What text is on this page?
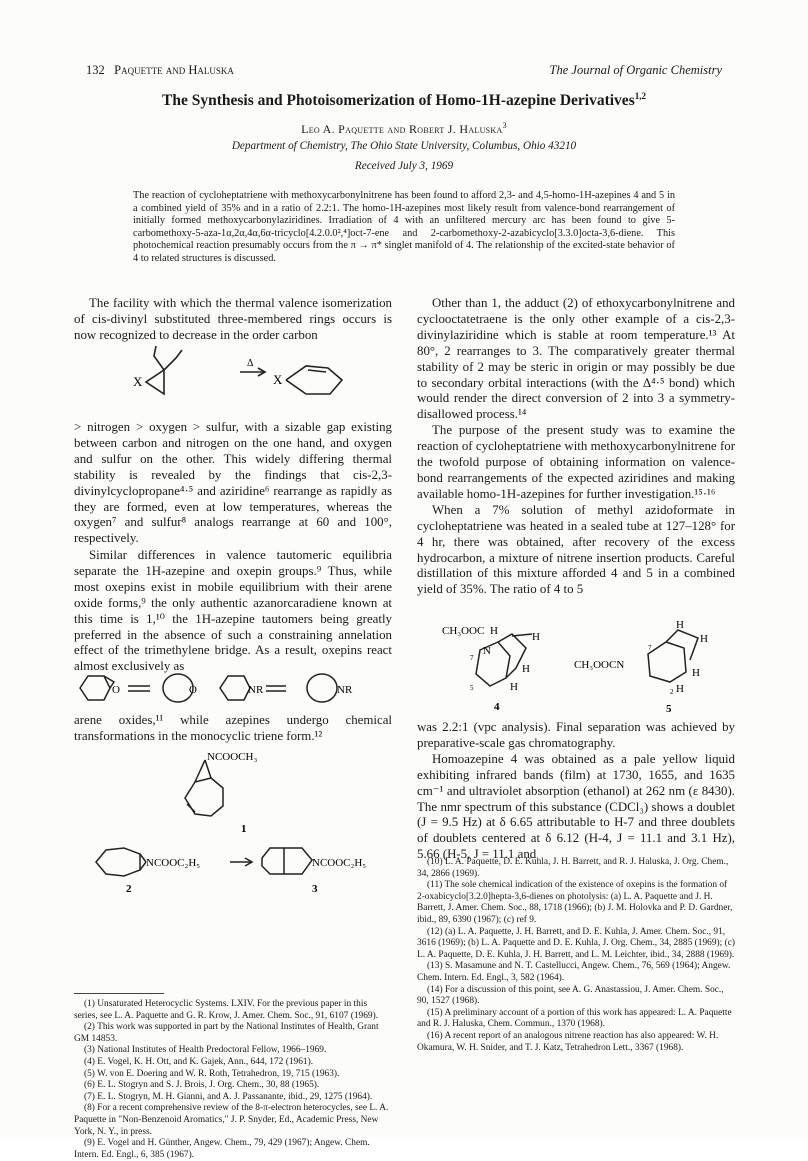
132 Paquette and Haluska	The Journal of Organic Chemistry
The Synthesis and Photoisomerization of Homo-1H-azepine Derivatives$^{1,2}$
Leo A. Paquette and Robert J. Haluska$^3$
Department of Chemistry, The Ohio State University, Columbus, Ohio 43210
Received July 3, 1969
The reaction of cycloheptatriene with methoxycarbonylnitrene has been found to afford 2,3- and 4,5-homo-1H-azepines 4 and 5 in a combined yield of 35% and in a ratio of 2.2:1. The homo-1H-azepines most likely result from valence-bond rearrangement of initially formed methoxycarbonylaziridines. Irradiation of 4 with an unfiltered mercury arc has been found to give 5-carbomethoxy-5-aza-1α,2α,4α,6α-tricyclo[4.2.0.0²,⁴]oct-7-ene and 2-carbomethoxy-2-azabicyclo[3.3.0]octa-3,6-diene. This photochemical reaction presumably occurs from the π → π* singlet manifold of 4. The relationship of the excited-state behavior of 4 to related structures is discussed.

The facility with which the thermal valence isomerization of cis-divinyl substituted three-membered rings occurs is now recognized to decrease in the order carbon

X	X
Δ

> nitrogen > oxygen > sulfur, with a sizable gap existing between carbon and nitrogen on the one hand, and oxygen and sulfur on the other. This widely differing thermal stability is revealed by the findings that cis-2,3-divinylcyclopropane⁴·⁵ and aziridine⁶ rearrange as rapidly as they are formed, even at low temperatures, whereas the oxygen⁷ and sulfur⁸ analogs rearrange at 60 and 100°, respectively.

Similar differences in valence tautomeric equilibria separate the 1H-azepine and oxepin groups.⁹ Thus, while most oxepins exist in mobile equilibrium with their arene oxide forms,⁹ the only authentic azanorcaradiene known at this time is 1,¹⁰ the 1H-azepine tautomers being greatly preferred in the absence of such a constraining annelation effect of the trimethylene bridge. As a result, oxepins react almost exclusively as

O	O	NR	NR

arene oxides,¹¹ while azepines undergo chemical transformations in the monocyclic triene form.¹²

NCOOCH₃
1
NCOOC₂H₅	NCOOC₂H₅
2	3

(1) Unsaturated Heterocyclic Systems. LXIV. For the previous paper in this series, see L. A. Paquette and G. R. Krow, J. Amer. Chem. Soc., 91, 6107 (1969).

(2) This work was supported in part by the National Institutes of Health, Grant GM 14853.

(3) National Institutes of Health Predoctoral Fellow, 1966–1969.

(4) E. Vogel, K. H. Ott, and K. Gajek, Ann., 644, 172 (1961).

(5) W. von E. Doering and W. R. Roth, Tetrahedron, 19, 715 (1963).

(6) E. L. Stogryn and S. J. Brois, J. Org. Chem., 30, 88 (1965).

(7) E. L. Stogryn, M. H. Gianni, and A. J. Passanante, ibid., 29, 1275 (1964).

(8) For a recent comprehensive review of the 8-π-electron heterocycles, see L. A. Paquette in "Non-Benzenoid Aromatics," J. P. Snyder, Ed., Academic Press, New York, N. Y., in press.

(9) E. Vogel and H. Günther, Angew. Chem., 79, 429 (1967); Angew. Chem. Intern. Ed. Engl., 6, 385 (1967).

Other than 1, the adduct (2) of ethoxycarbonylnitrene and cyclooctatetraene is the only other example of a cis-2,3-divinylaziridine which is stable at room temperature.¹³ At 80°, 2 rearranges to 3. The comparatively greater thermal stability of 2 may be steric in origin or may possibly be due to secondary orbital interactions (with the Δ⁴·⁵ bond) which would render the direct conversion of 2 into 3 a symmetry-disallowed process.¹⁴

The purpose of the present study was to examine the reaction of cycloheptatriene with methoxycarbonylnitrene for the twofold purpose of obtaining information on valence-bond rearrangements of the expected aziridines and making available homo-1H-azepines for further investigation.¹⁵·¹⁶

When a 7% solution of methyl azidoformate in cycloheptatriene was heated in a sealed tube at 127–128° for 4 hr, there was obtained, after recovery of the excess hydrocarbon, a mixture of nitrene insertion products. Careful distillation of this mixture afforded 4 and 5 in a combined yield of 35%. The ratio of 4 to 5

CH₃OOC H	H
H
H
N
7
5
4
CH₃OOCN
H
H
H
H
7
2
5

was 2.2:1 (vpc analysis). Final separation was achieved by preparative-scale gas chromatography.

Homoazepine 4 was obtained as a pale yellow liquid exhibiting infrared bands (film) at 1730, 1655, and 1635 cm⁻¹ and ultraviolet absorption (ethanol) at 262 nm (ε 8430). The nmr spectrum of this substance (CDCl₃) shows a doublet (J = 9.5 Hz) at δ 6.65 attributable to H-7 and three doublets of doublets centered at δ 6.12 (H-4, J = 11.1 and 3.1 Hz), 5.66 (H-5, J = 11.1 and

(10) L. A. Paquette, D. E. Kuhla, J. H. Barrett, and R. J. Haluska, J. Org. Chem., 34, 2866 (1969).

(11) The sole chemical indication of the existence of oxepins is the formation of 2-oxabicyclo[3.2.0]hepta-3,6-dienes on photolysis: (a) L. A. Paquette and J. H. Barrett, J. Amer. Chem. Soc., 88, 1718 (1966); (b) J. M. Holovka and P. D. Gardner, ibid., 89, 6390 (1967); (c) ref 9.

(12) (a) L. A. Paquette, J. H. Barrett, and D. E. Kuhla, J. Amer. Chem. Soc., 91, 3616 (1969); (b) L. A. Paquette and D. E. Kuhla, J. Org. Chem., 34, 2885 (1969); (c) L. A. Paquette, D. E. Kuhla, J. H. Barrett, and L. M. Leichter, ibid., 34, 2888 (1969).

(13) S. Masamune and N. T. Castellucci, Angew. Chem., 76, 569 (1964); Angew. Chem. Intern. Ed. Engl., 3, 582 (1964).

(14) For a discussion of this point, see A. G. Anastassiou, J. Amer. Chem. Soc., 90, 1527 (1968).

(15) A preliminary account of a portion of this work has appeared: L. A. Paquette and R. J. Haluska, Chem. Commun., 1370 (1968).

(16) A recent report of an analogous nitrene reaction has also appeared: W. H. Okamura, W. H. Snider, and T. J. Katz, Tetrahedron Lett., 3367 (1968).
